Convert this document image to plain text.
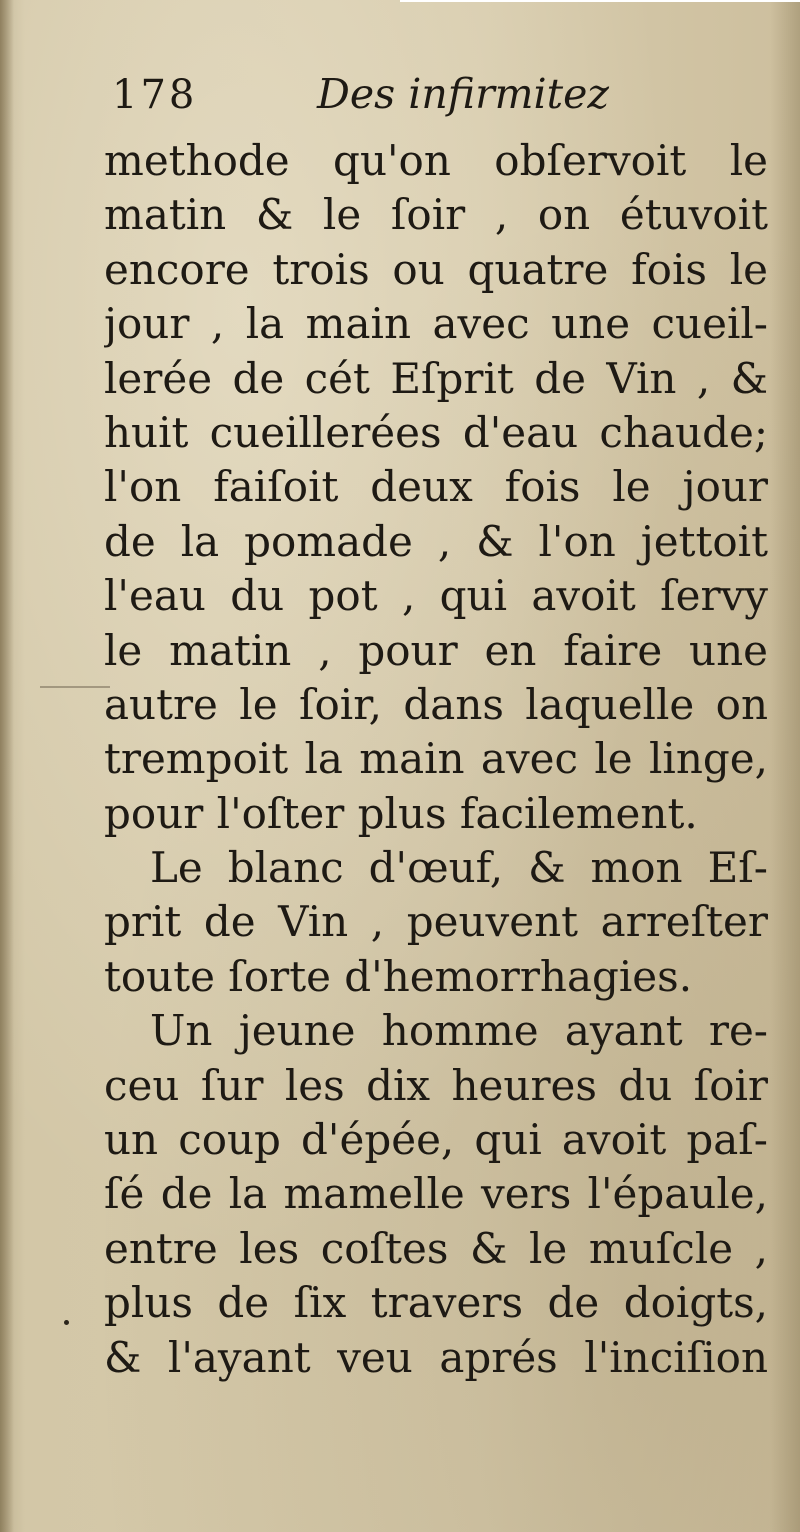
178	Des infirmitez
methode qu'on obſervoit le
matin & le ſoir , on étuvoit
encore trois ou quatre fois le
jour , la main avec une cueil-
lerée de cét Eſprit de Vin , &
huit cueillerées d'eau chaude;
l'on faiſoit deux fois le jour
de la pomade , & l'on jettoit
l'eau du pot , qui avoit ſervy
le matin , pour en faire une
autre le ſoir, dans laquelle on
trempoit la main avec le linge,
pour l'oſter plus facilement.
Le blanc d'œuf, & mon Eſ-
prit de Vin , peuvent arreſter
toute ſorte d'hemorrhagies.
Un jeune homme ayant re-
ceu ſur les dix heures du ſoir
un coup d'épée, qui avoit paſ-
ſé de la mamelle vers l'épaule,
entre les coſtes & le muſcle ,
plus de ſix travers de doigts,
& l'ayant veu aprés l'inciſion
